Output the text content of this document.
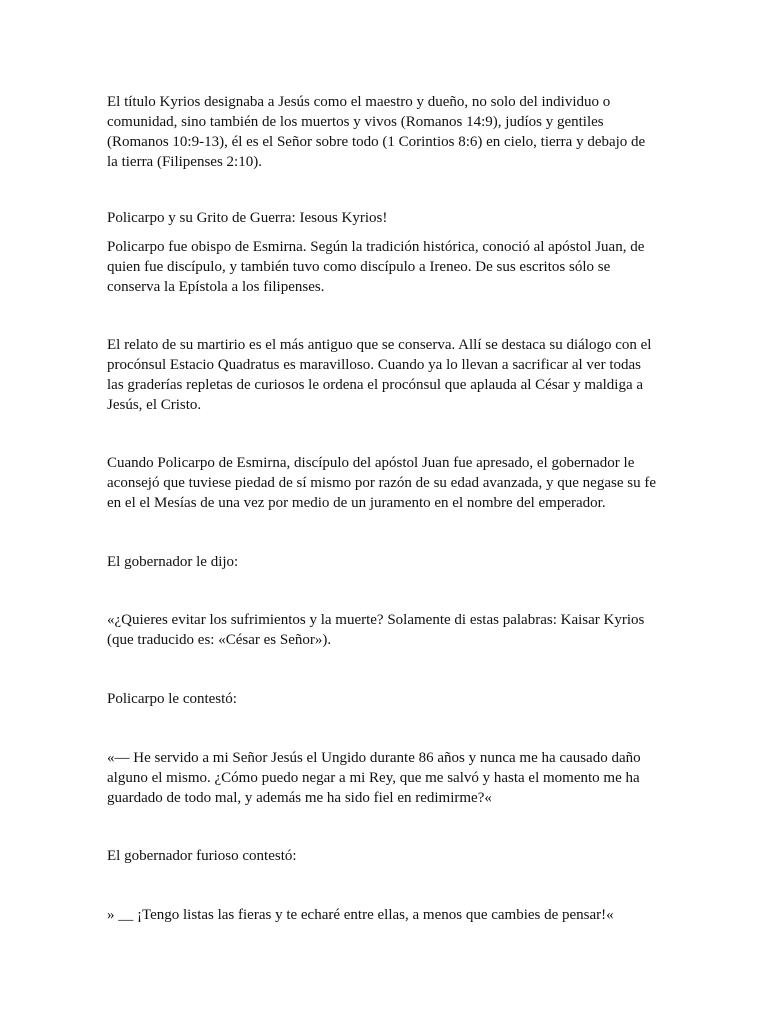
El título Kyrios designaba a Jesús como el maestro y dueño, no solo del individuo o
comunidad, sino también de los muertos y vivos (Romanos 14:9), judíos y gentiles
(Romanos 10:9-13), él es el Señor sobre todo (1 Corintios 8:6) en cielo, tierra y debajo de
la tierra (Filipenses 2:10).

Policarpo y su Grito de Guerra: Iesous Kyrios!

Policarpo fue obispo de Esmirna. Según la tradición histórica, conoció al apóstol Juan, de
quien fue discípulo, y también tuvo como discípulo a Ireneo. De sus escritos sólo se
conserva la Epístola a los filipenses.

El relato de su martirio es el más antiguo que se conserva. Allí se destaca su diálogo con el
procónsul Estacio Quadratus es maravilloso. Cuando ya lo llevan a sacrificar al ver todas
las graderías repletas de curiosos le ordena el procónsul que aplauda al César y maldiga a
Jesús, el Cristo.

Cuando Policarpo de Esmirna, discípulo del apóstol Juan fue apresado, el gobernador le
aconsejó que tuviese piedad de sí mismo por razón de su edad avanzada, y que negase su fe
en el el Mesías de una vez por medio de un juramento en el nombre del emperador.

El gobernador le dijo:

«¿Quieres evitar los sufrimientos y la muerte? Solamente di estas palabras: Kaisar Kyrios
(que traducido es: «César es Señor»).

Policarpo le contestó:

«— He servido a mi Señor Jesús el Ungido durante 86 años y nunca me ha causado daño
alguno el mismo. ¿Cómo puedo negar a mi Rey, que me salvó y hasta el momento me ha
guardado de todo mal, y además me ha sido fiel en redimirme?«

El gobernador furioso contestó:

» __ ¡Tengo listas las fieras y te echaré entre ellas, a menos que cambies de pensar!«
